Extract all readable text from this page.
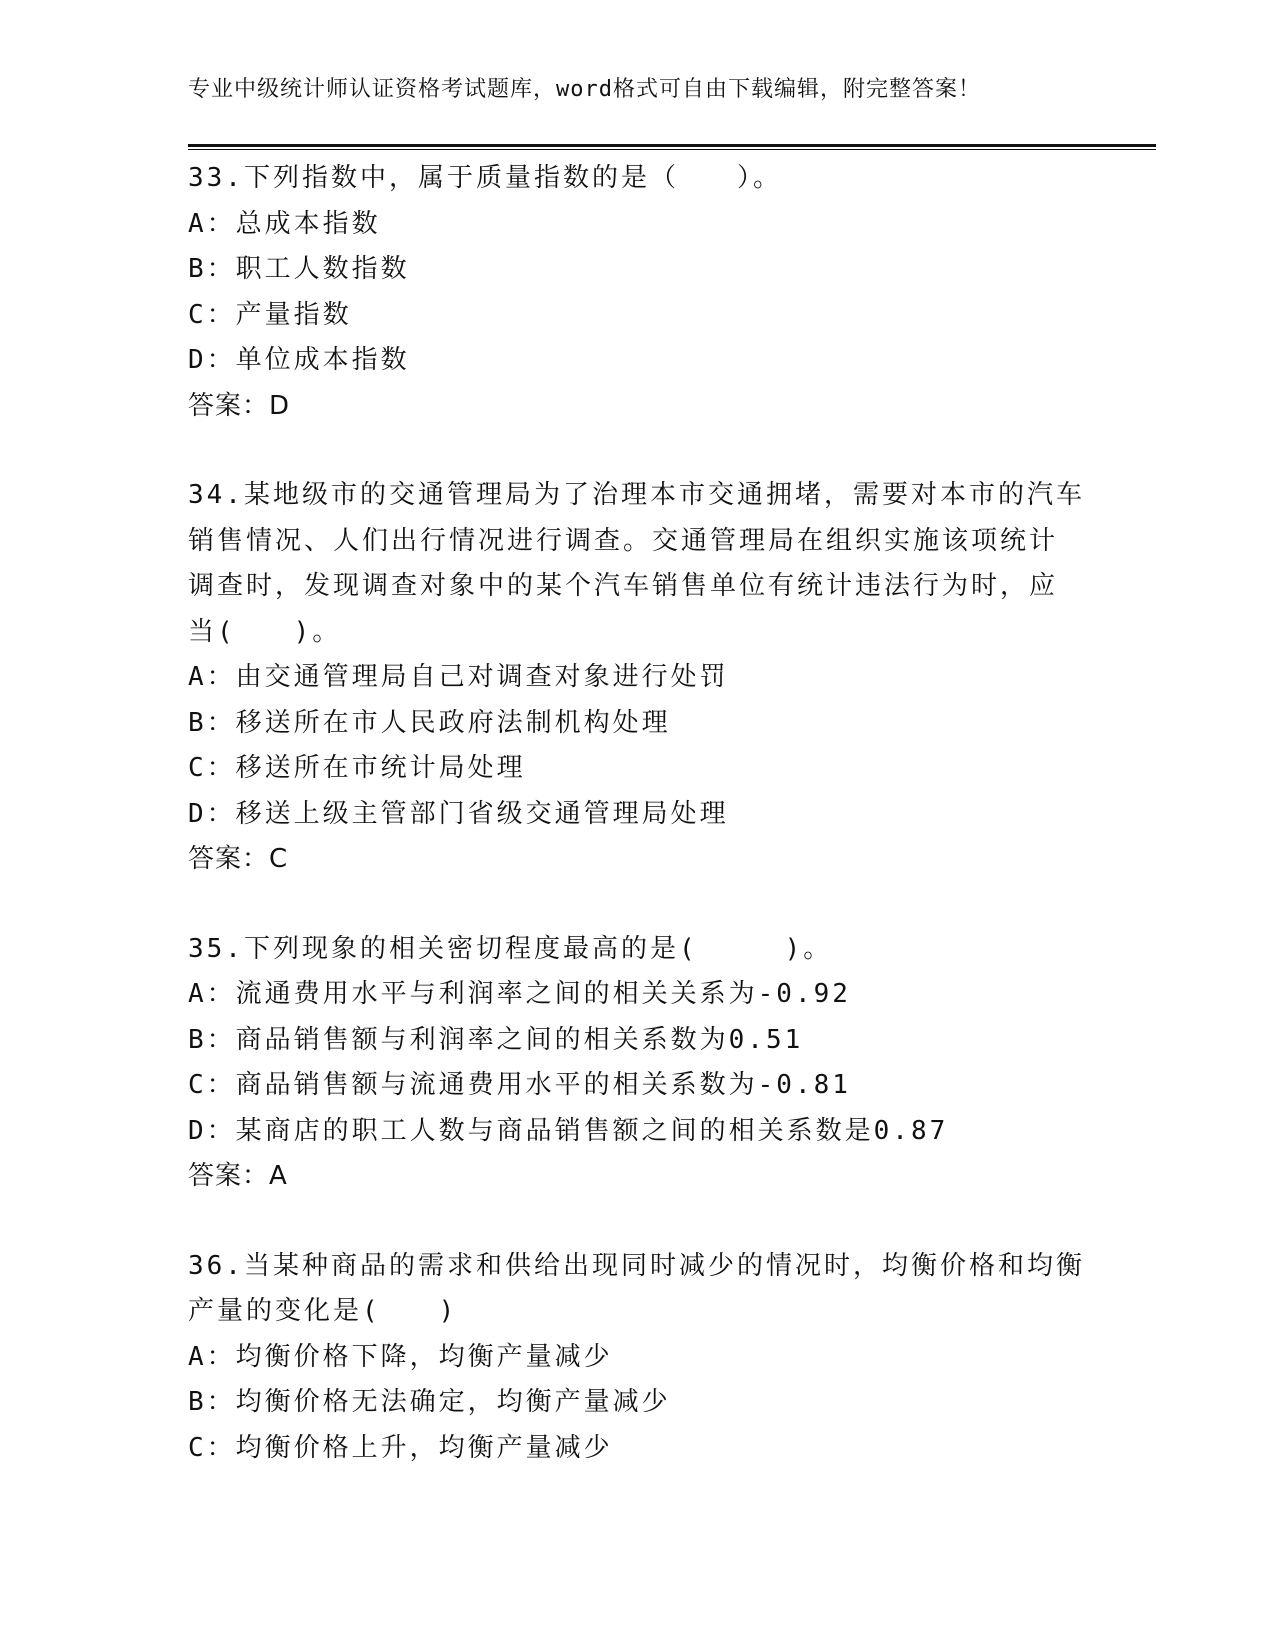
专业中级统计师认证资格考试题库，word格式可自由下载编辑，附完整答案！
33.下列指数中，属于质量指数的是（　　）。
A：总成本指数
B：职工人数指数
C：产量指数
D：单位成本指数
答案：D
34.某地级市的交通管理局为了治理本市交通拥堵，需要对本市的汽车
销售情况、人们出行情况进行调查。交通管理局在组织实施该项统计
调查时，发现调查对象中的某个汽车销售单位有统计违法行为时，应
当(　　)。
A：由交通管理局自己对调查对象进行处罚
B：移送所在市人民政府法制机构处理
C：移送所在市统计局处理
D：移送上级主管部门省级交通管理局处理
答案：C
35.下列现象的相关密切程度最高的是(　　　)。
A：流通费用水平与利润率之间的相关关系为-0.92
B：商品销售额与利润率之间的相关系数为0.51
C：商品销售额与流通费用水平的相关系数为-0.81
D：某商店的职工人数与商品销售额之间的相关系数是0.87
答案：A
36.当某种商品的需求和供给出现同时减少的情况时，均衡价格和均衡
产量的变化是(　　)
A：均衡价格下降，均衡产量减少
B：均衡价格无法确定，均衡产量减少
C：均衡价格上升，均衡产量减少
